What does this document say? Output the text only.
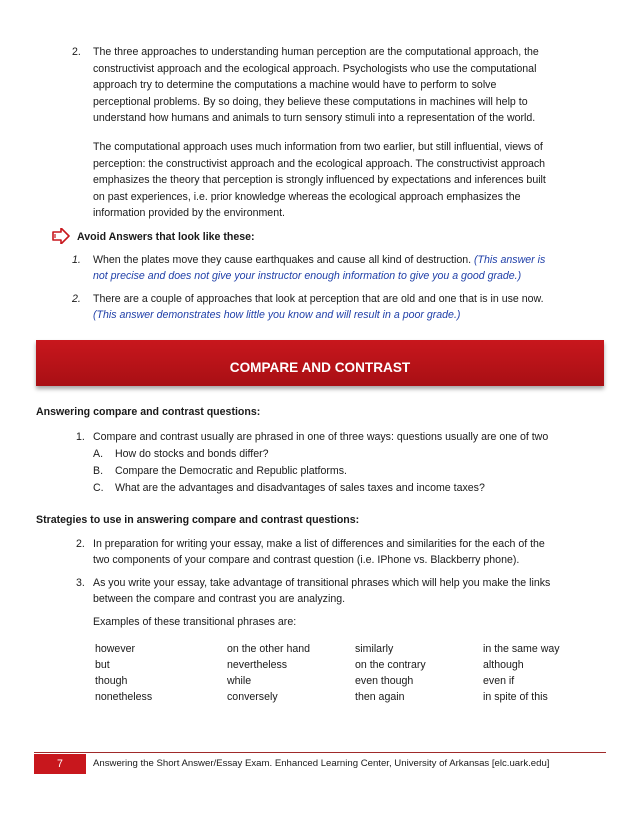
2. The three approaches to understanding human perception are the computational approach, the
constructivist approach and the ecological approach. Psychologists who use the computational
approach try to determine the computations a machine would have to perform to solve
perceptional problems. By so doing, they believe these computations in machines will help to
understand how humans and animals to turn sensory stimuli into a representation of the world.
The computational approach uses much information from two earlier, but still influential, views of
perception: the constructivist approach and the ecological approach. The constructivist approach
emphasizes the theory that perception is strongly influenced by expectations and inferences built
on past experiences, i.e. prior knowledge whereas the ecological approach emphasizes the
information provided by the environment.
Avoid Answers that look like these:
1. When the plates move they cause earthquakes and cause all kind of destruction. (This answer is
not precise and does not give your instructor enough information to give you a good grade.)
2. There are a couple of approaches that look at perception that are old and one that is in use now.
(This answer demonstrates how little you know and will result in a poor grade.)
COMPARE AND CONTRAST
Answering compare and contrast questions:
1. Compare and contrast usually are phrased in one of three ways: questions usually are one of two
A. How do stocks and bonds differ?
B. Compare the Democratic and Republic platforms.
C. What are the advantages and disadvantages of sales taxes and income taxes?
Strategies to use in answering compare and contrast questions:
2. In preparation for writing your essay, make a list of differences and similarities for the each of the
two components of your compare and contrast question (i.e. IPhone vs. Blackberry phone).
3. As you write your essay, take advantage of transitional phrases which will help you make the links
between the compare and contrast you are analyzing.
Examples of these transitional phrases are:
however	on the other hand	similarly	in the same way
but	nevertheless	on the contrary	although
though	while	even though	even if
nonetheless	conversely	then again	in spite of this
7	Answering the Short Answer/Essay Exam. Enhanced Learning Center, University of Arkansas [elc.uark.edu]
